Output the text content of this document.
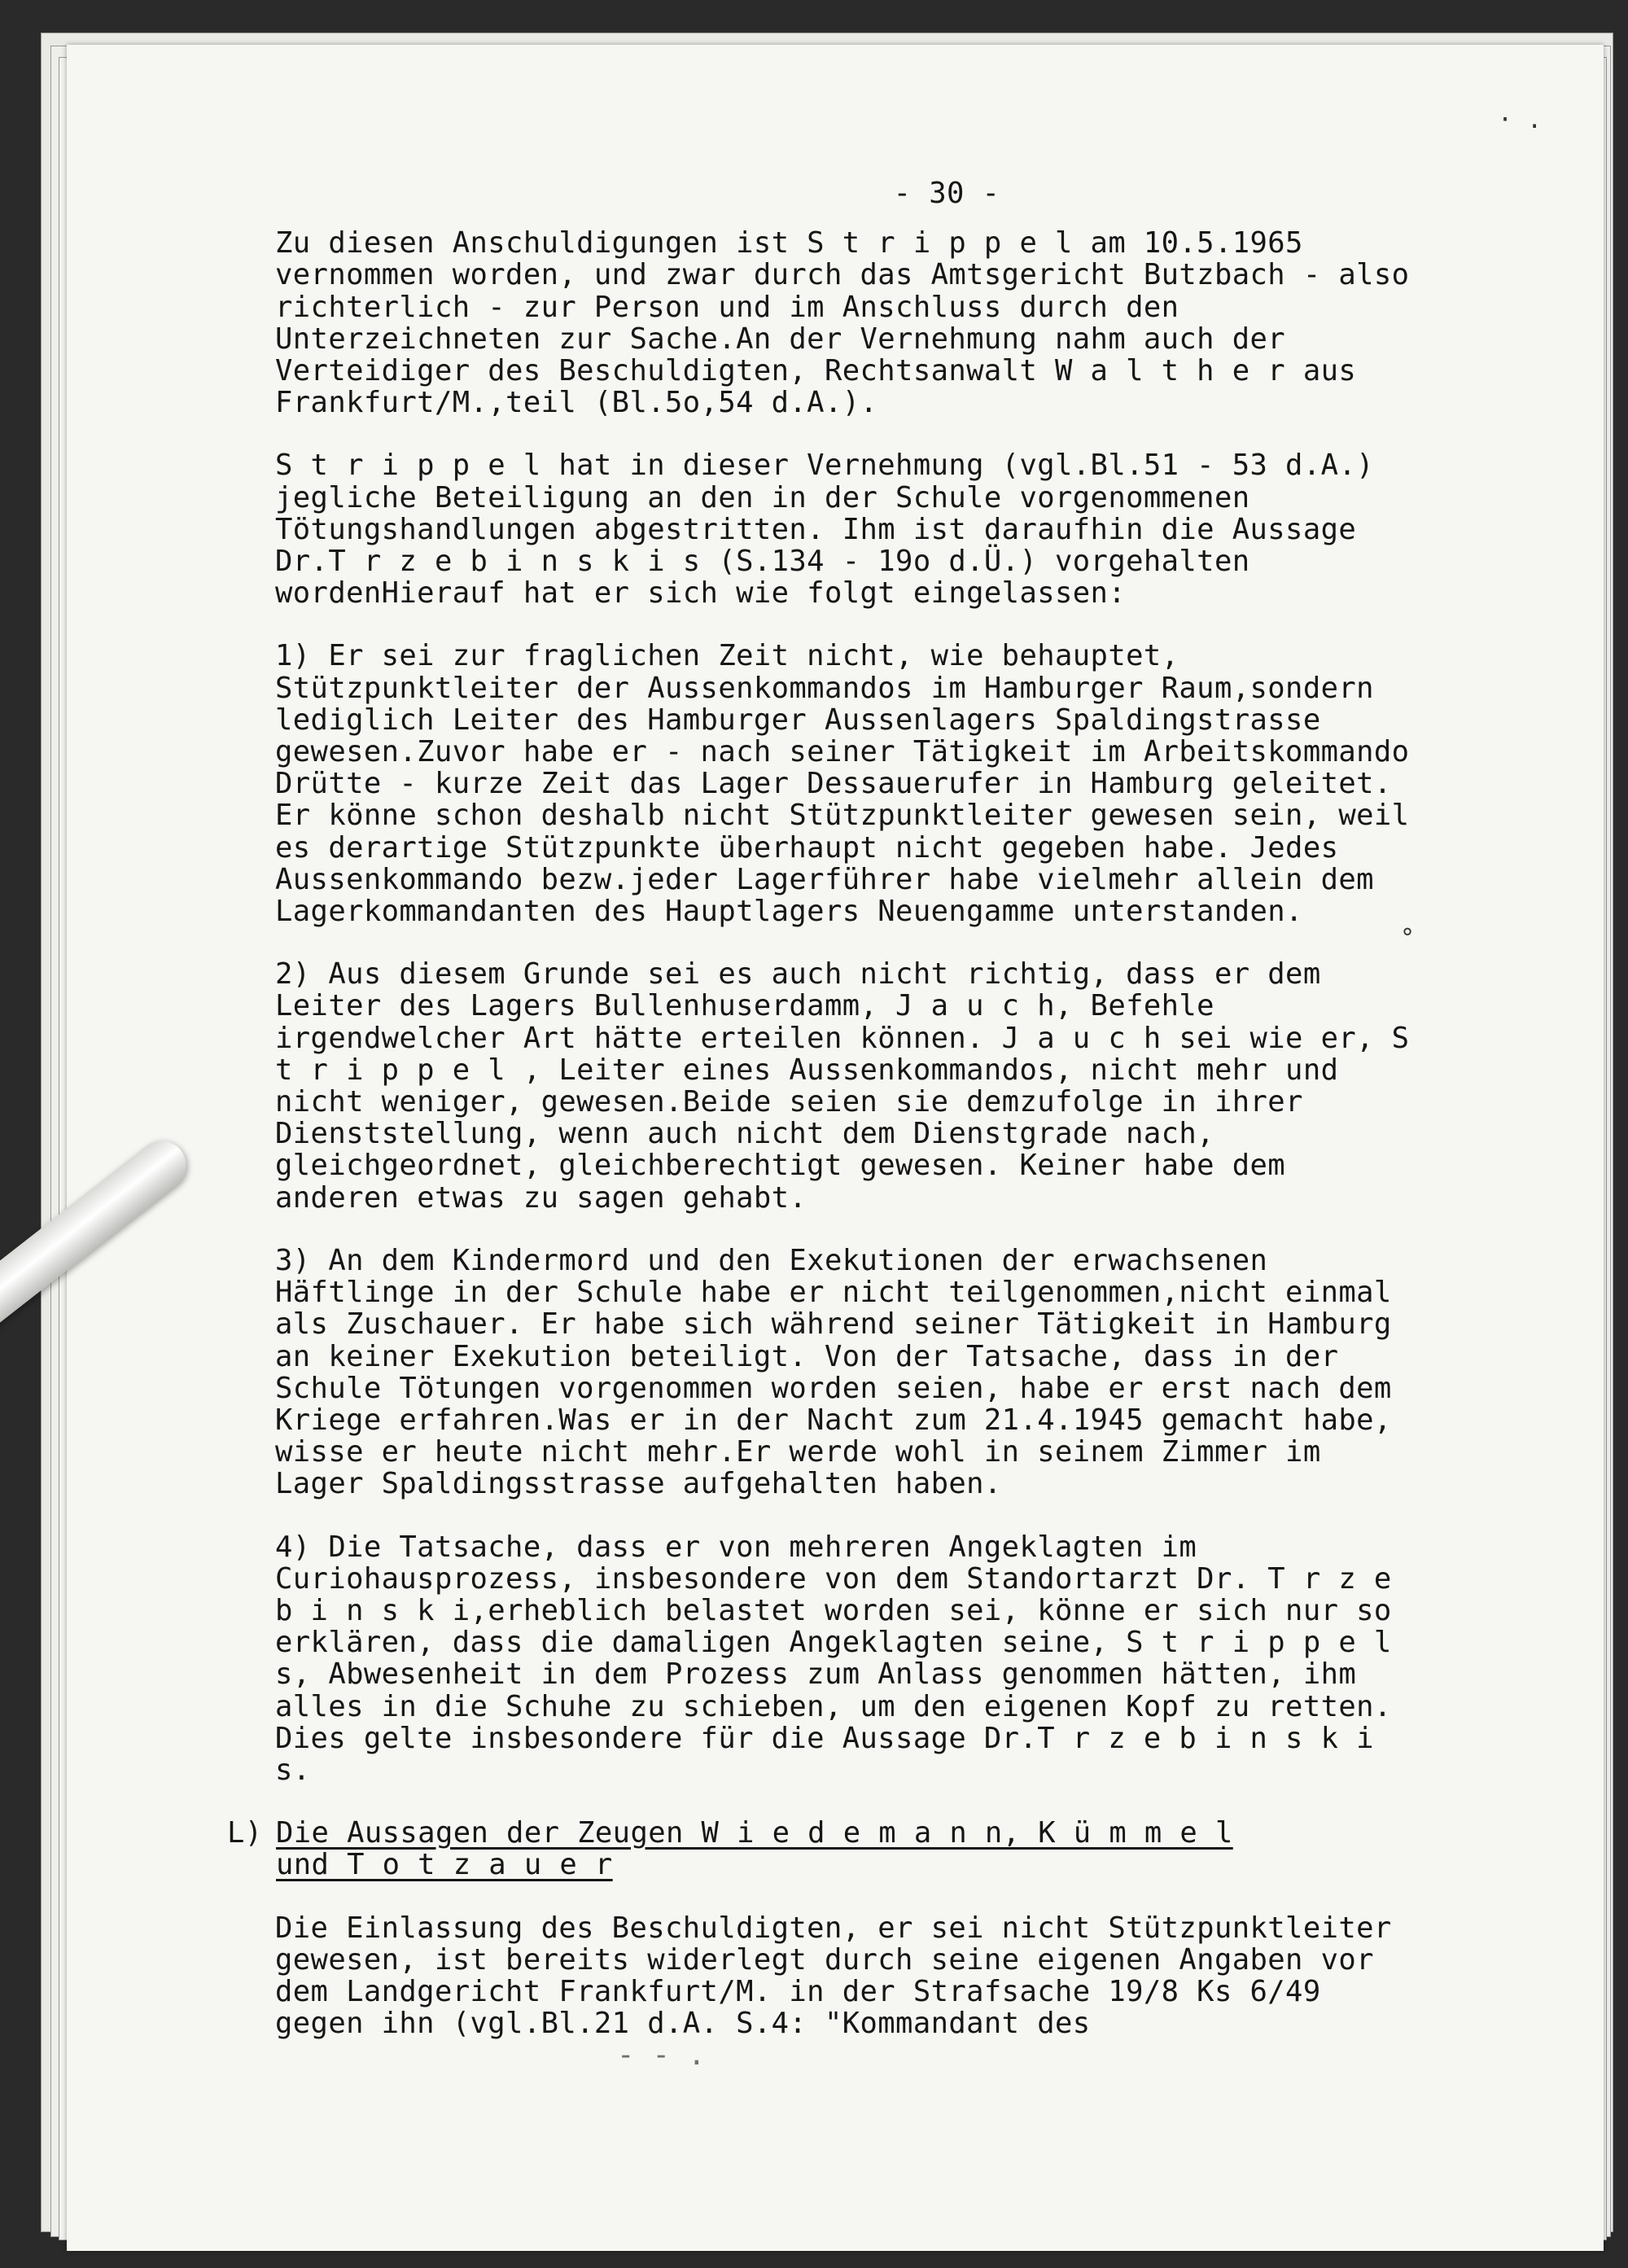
- 30 -
Zu diesen Anschuldigungen ist S t r i p p e l am 10.5.1965 vernommen worden, und zwar durch das Amtsgericht Butzbach - also richterlich - zur Person und im Anschluss durch den Unterzeichneten zur Sache.An der Vernehmung nahm auch der Verteidiger des Beschuldigten, Rechtsanwalt W a l t h e r aus Frankfurt/M.,teil (Bl.5o,54 d.A.).
S t r i p p e l hat in dieser Vernehmung (vgl.Bl.51 - 53 d.A.) jegliche Beteiligung an den in der Schule vorgenommenen Tötungshandlungen abgestritten. Ihm ist daraufhin die Aussage Dr.T r z e b i n s k i s (S.134 - 19o d.Ü.) vorgehalten wordenHierauf hat er sich wie folgt eingelassen:
1) Er sei zur fraglichen Zeit nicht, wie behauptet, Stützpunktleiter der Aussenkommandos im Hamburger Raum,sondern lediglich Leiter des Hamburger Aussenlagers Spaldingstrasse gewesen.Zuvor habe er - nach seiner Tätigkeit im Arbeitskommando Drütte - kurze Zeit das Lager Dessauerufer in Hamburg geleitet. Er könne schon deshalb nicht Stützpunktleiter gewesen sein, weil es derartige Stützpunkte überhaupt nicht gegeben habe. Jedes Aussenkommando bezw.jeder Lagerführer habe vielmehr allein dem Lagerkommandanten des Hauptlagers Neuengamme unterstanden.
2) Aus diesem Grunde sei es auch nicht richtig, dass er dem Leiter des Lagers Bullenhuserdamm, J a u c h, Befehle irgendwelcher Art hätte erteilen können. J a u c h sei wie er, S t r i p p e l , Leiter eines Aussenkommandos, nicht mehr und nicht weniger, gewesen.Beide seien sie demzufolge in ihrer Dienststellung, wenn auch nicht dem Dienstgrade nach, gleichgeordnet, gleichberechtigt gewesen. Keiner habe dem anderen etwas zu sagen gehabt.
3) An dem Kindermord und den Exekutionen der erwachsenen Häftlinge in der Schule habe er nicht teilgenommen,nicht einmal als Zuschauer. Er habe sich während seiner Tätigkeit in Hamburg an keiner Exekution beteiligt. Von der Tatsache, dass in der Schule Tötungen vorgenommen worden seien, habe er erst nach dem Kriege erfahren.Was er in der Nacht zum 21.4.1945 gemacht habe, wisse er heute nicht mehr.Er werde wohl in seinem Zimmer im Lager Spaldingsstrasse aufgehalten haben.
4) Die Tatsache, dass er von mehreren Angeklagten im Curiohausprozess, insbesondere von dem Standortarzt Dr. T r z e b i n s k i,erheblich belastet worden sei, könne er sich nur so erklären, dass die damaligen Angeklagten seine, S t r i p p e l s, Abwesenheit in dem Prozess zum Anlass genommen hätten, ihm alles in die Schuhe zu schieben, um den eigenen Kopf zu retten. Dies gelte insbesondere für die Aussage Dr.T r z e b i n s k i s.
L) Die Aussagen der Zeugen W i e d e m a n n, K ü m m e l
und T o t z a u e r
Die Einlassung des Beschuldigten, er sei nicht Stützpunktleiter gewesen, ist bereits widerlegt durch seine eigenen Angaben vor dem Landgericht Frankfurt/M. in der Strafsache 19/8 Ks 6/49 gegen ihn (vgl.Bl.21 d.A. S.4: "Kommandant des
- - .
°
· .
